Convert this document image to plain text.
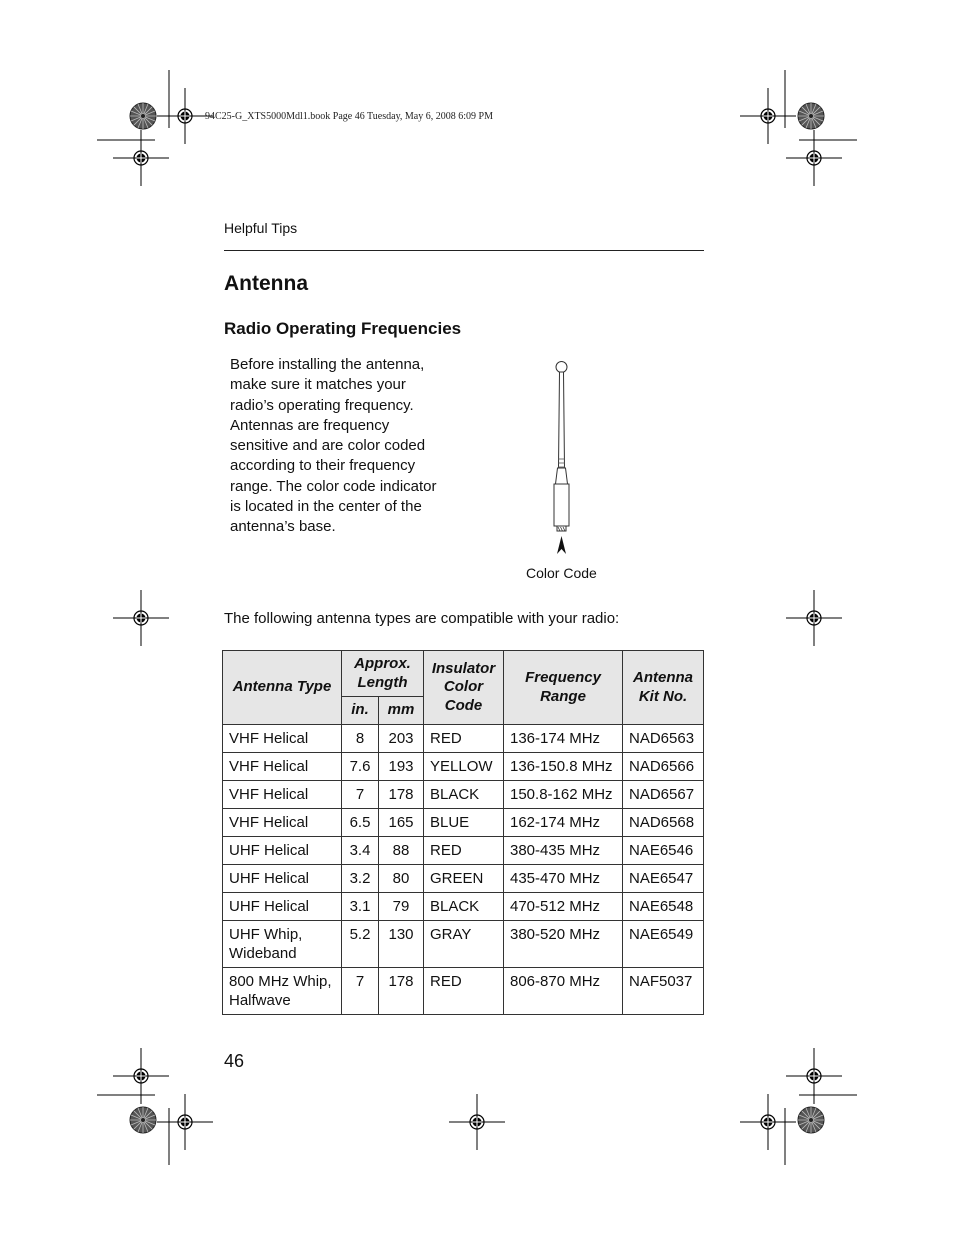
94C25-G_XTS5000Mdl1.book Page 46 Tuesday, May 6, 2008 6:09 PM
Helpful Tips
Antenna
Radio Operating Frequencies
Before installing the antenna,
make sure it matches your
radio’s operating frequency.
Antennas are frequency
sensitive and are color coded
according to their frequency
range. The color code indicator
is located in the center of the
antenna’s base.
Color Code
The following antenna types are compatible with your radio:
Antenna Type	Approx. Length		Insulator Color Code	Frequency Range	Antenna Kit No.
	in.	mm			
VHF Helical	8	203	RED	136-174 MHz	NAD6563
VHF Helical	7.6	193	YELLOW	136-150.8 MHz	NAD6566
VHF Helical	7	178	BLACK	150.8-162 MHz	NAD6567
VHF Helical	6.5	165	BLUE	162-174 MHz	NAD6568
UHF Helical	3.4	88	RED	380-435 MHz	NAE6546
UHF Helical	3.2	80	GREEN	435-470 MHz	NAE6547
UHF Helical	3.1	79	BLACK	470-512 MHz	NAE6548
UHF Whip,
Wideband	5.2	130	GRAY	380-520 MHz	NAE6549
800 MHz Whip,
Halfwave	7	178	RED	806-870 MHz	NAF5037
46
